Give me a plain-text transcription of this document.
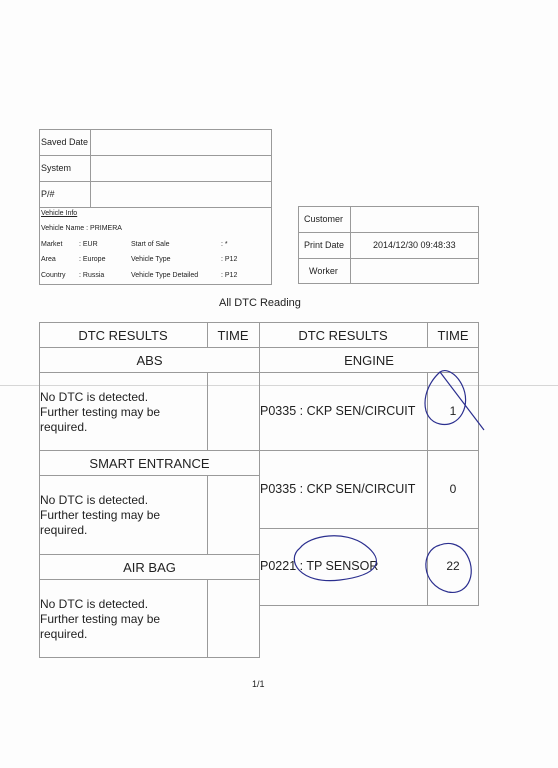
Saved Date
System
P/#
Vehicle Info
Vehicle Name : PRIMERA
Market : EUR	Start of Sale	: *
Area	: Europe	Vehicle Type	: P12
Country : Russia	Vehicle Type Detailed	: P12
Customer
Print Date	2014/12/30 09:48:33
Worker
All DTC Reading
DTC RESULTS	TIME	DTC RESULTS	TIME
ABS
No DTC is detected.
Further testing may be
required.
SMART ENTRANCE
No DTC is detected.
Further testing may be
required.
AIR BAG
No DTC is detected.
Further testing may be
required.
ENGINE
P0335 : CKP SEN/CIRCUIT	1
P0335 : CKP SEN/CIRCUIT	0
P0221 : TP SENSOR	22
1/1
